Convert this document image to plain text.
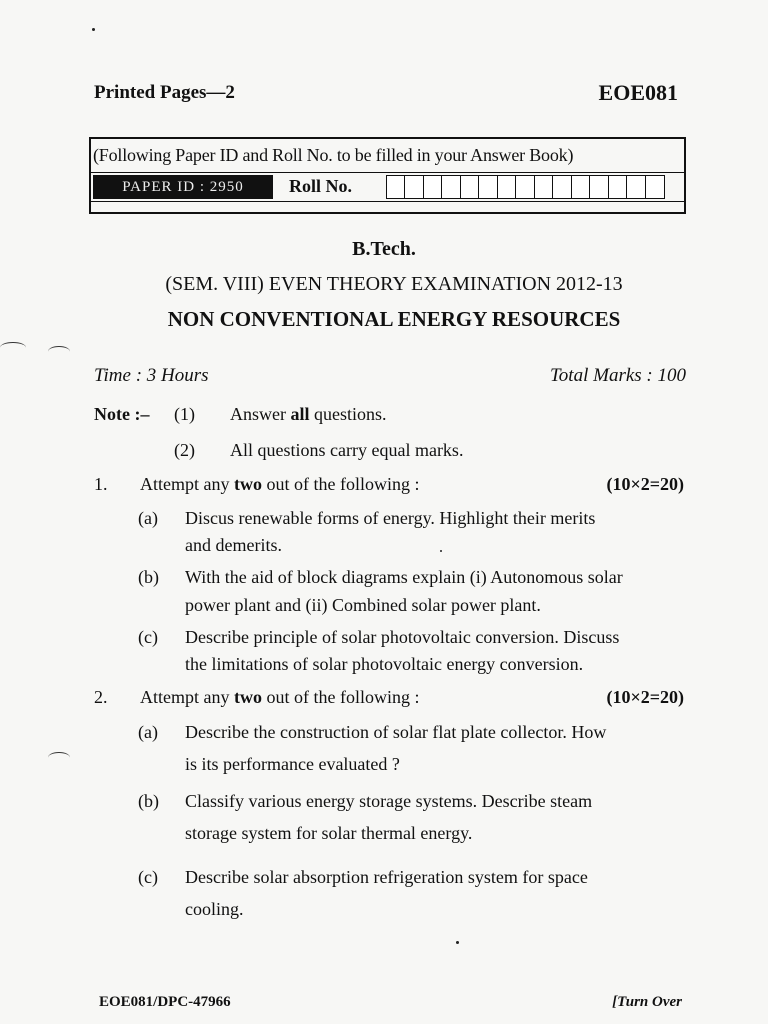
Printed Pages—2	EOE081
(Following Paper ID and Roll No. to be filled in your Answer Book)
PAPER ID : 2950	Roll No.
B.Tech.
(SEM. VIII) EVEN THEORY EXAMINATION 2012-13
NON CONVENTIONAL ENERGY RESOURCES
Time : 3 Hours	Total Marks : 100
Note :– (1) Answer all questions.
(2) All questions carry equal marks.
1. Attempt any two out of the following :	(10×2=20)
(a) Discus renewable forms of energy. Highlight their merits
and demerits.
(b) With the aid of block diagrams explain (i) Autonomous solar
power plant and (ii) Combined solar power plant.
(c) Describe principle of solar photovoltaic conversion. Discuss
the limitations of solar photovoltaic energy conversion.
2. Attempt any two out of the following :	(10×2=20)
(a) Describe the construction of solar flat plate collector. How
is its performance evaluated ?
(b) Classify various energy storage systems. Describe steam
storage system for solar thermal energy.
(c) Describe solar absorption refrigeration system for space
cooling.
EOE081/DPC-47966	[Turn Over
